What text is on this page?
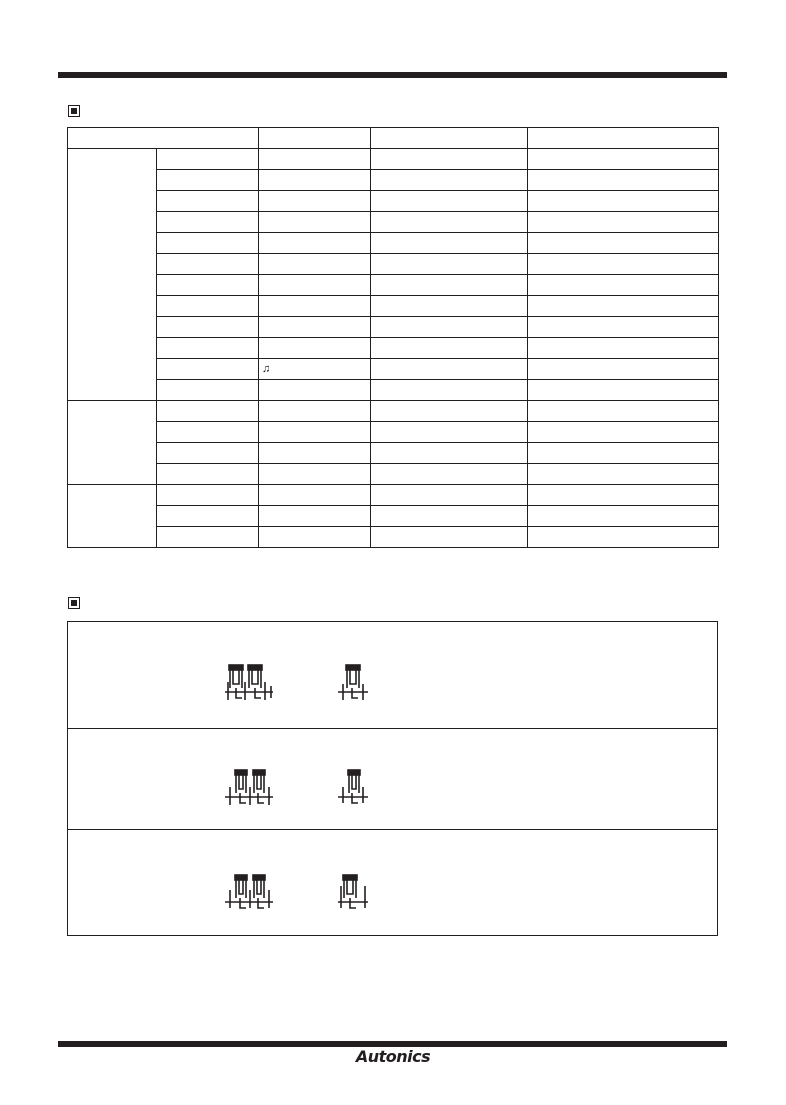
		♫		

Autonics
